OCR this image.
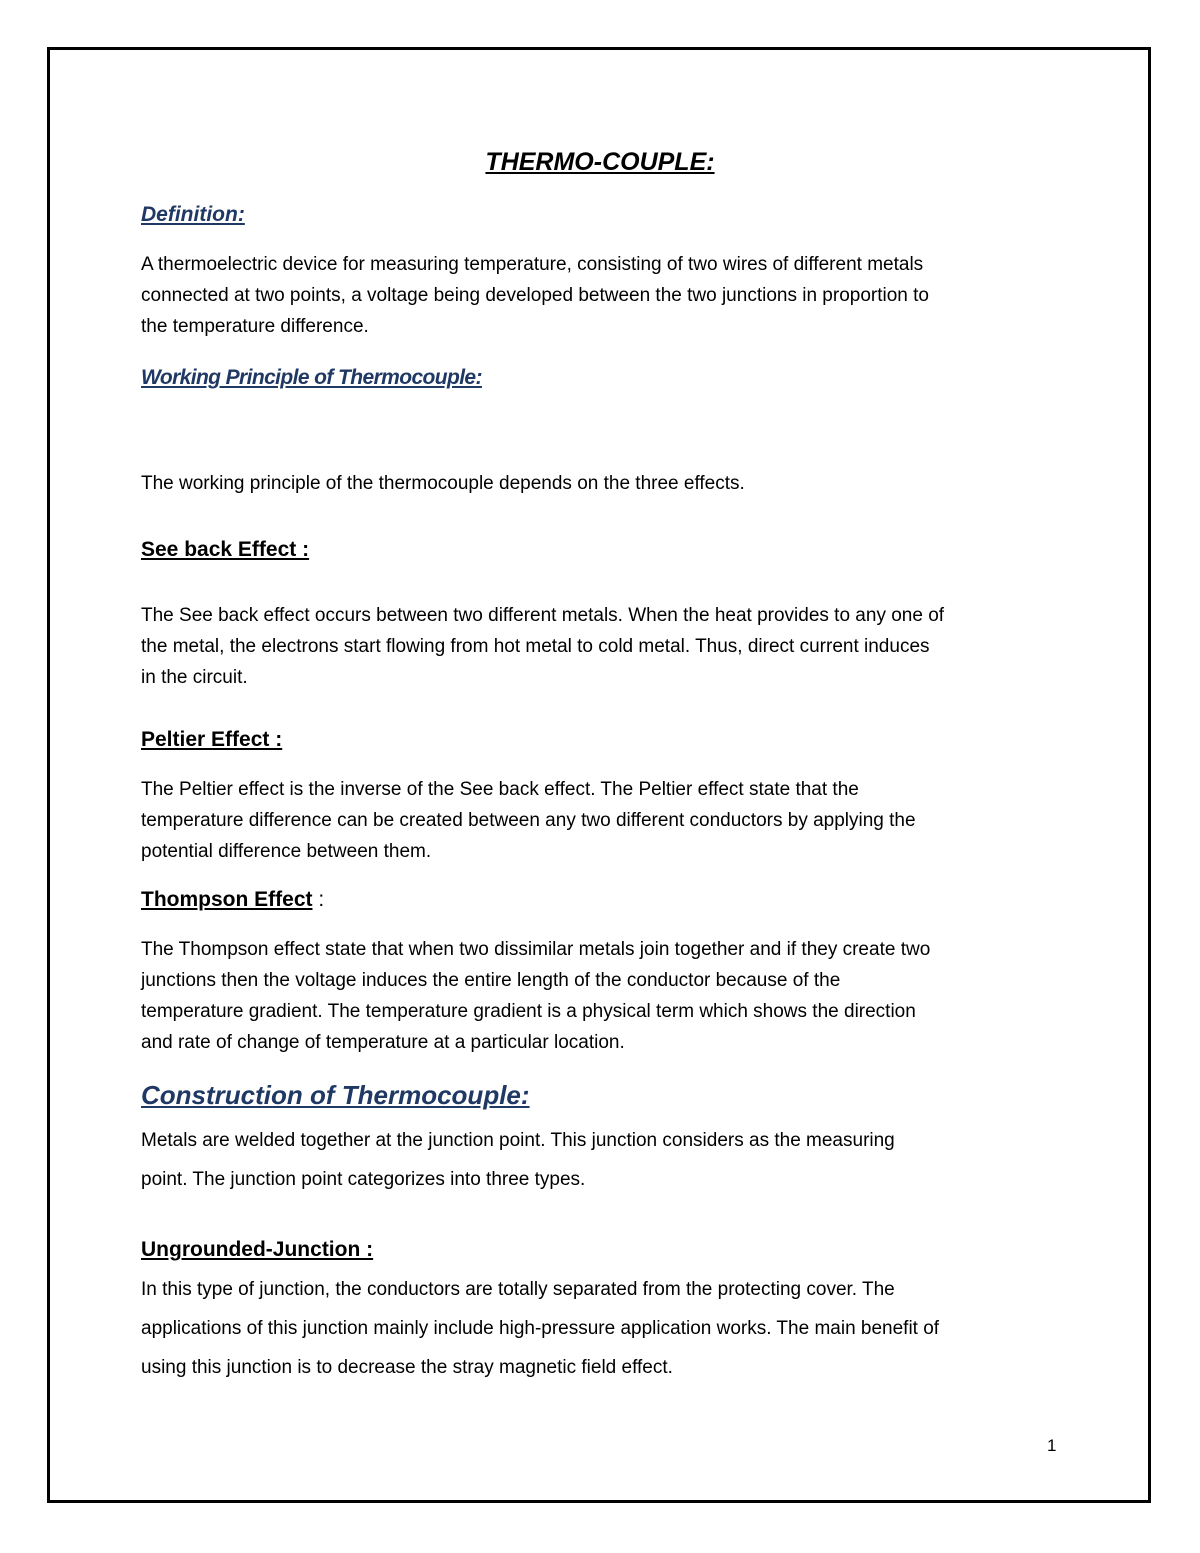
THERMO-COUPLE:
Definition:
A thermoelectric device for measuring temperature, consisting of two wires of different metals
connected at two points, a voltage being developed between the two junctions in proportion to
the temperature difference.
Working Principle of Thermocouple:
The working principle of the thermocouple depends on the three effects.
See back Effect :
The See back effect occurs between two different metals. When the heat provides to any one of
the metal, the electrons start flowing from hot metal to cold metal. Thus, direct current induces
in the circuit.
Peltier Effect :
The Peltier effect is the inverse of the See back effect. The Peltier effect state that the
temperature difference can be created between any two different conductors by applying the
potential difference between them.
Thompson Effect :
The Thompson effect state that when two dissimilar metals join together and if they create two
junctions then the voltage induces the entire length of the conductor because of the
temperature gradient. The temperature gradient is a physical term which shows the direction
and rate of change of temperature at a particular location.
Construction of Thermocouple:
Metals are welded together at the junction point. This junction considers as the measuring
point. The junction point categorizes into three types.
Ungrounded-Junction :
In this type of junction, the conductors are totally separated from the protecting cover. The
applications of this junction mainly include high-pressure application works. The main benefit of
using this junction is to decrease the stray magnetic field effect.
1
